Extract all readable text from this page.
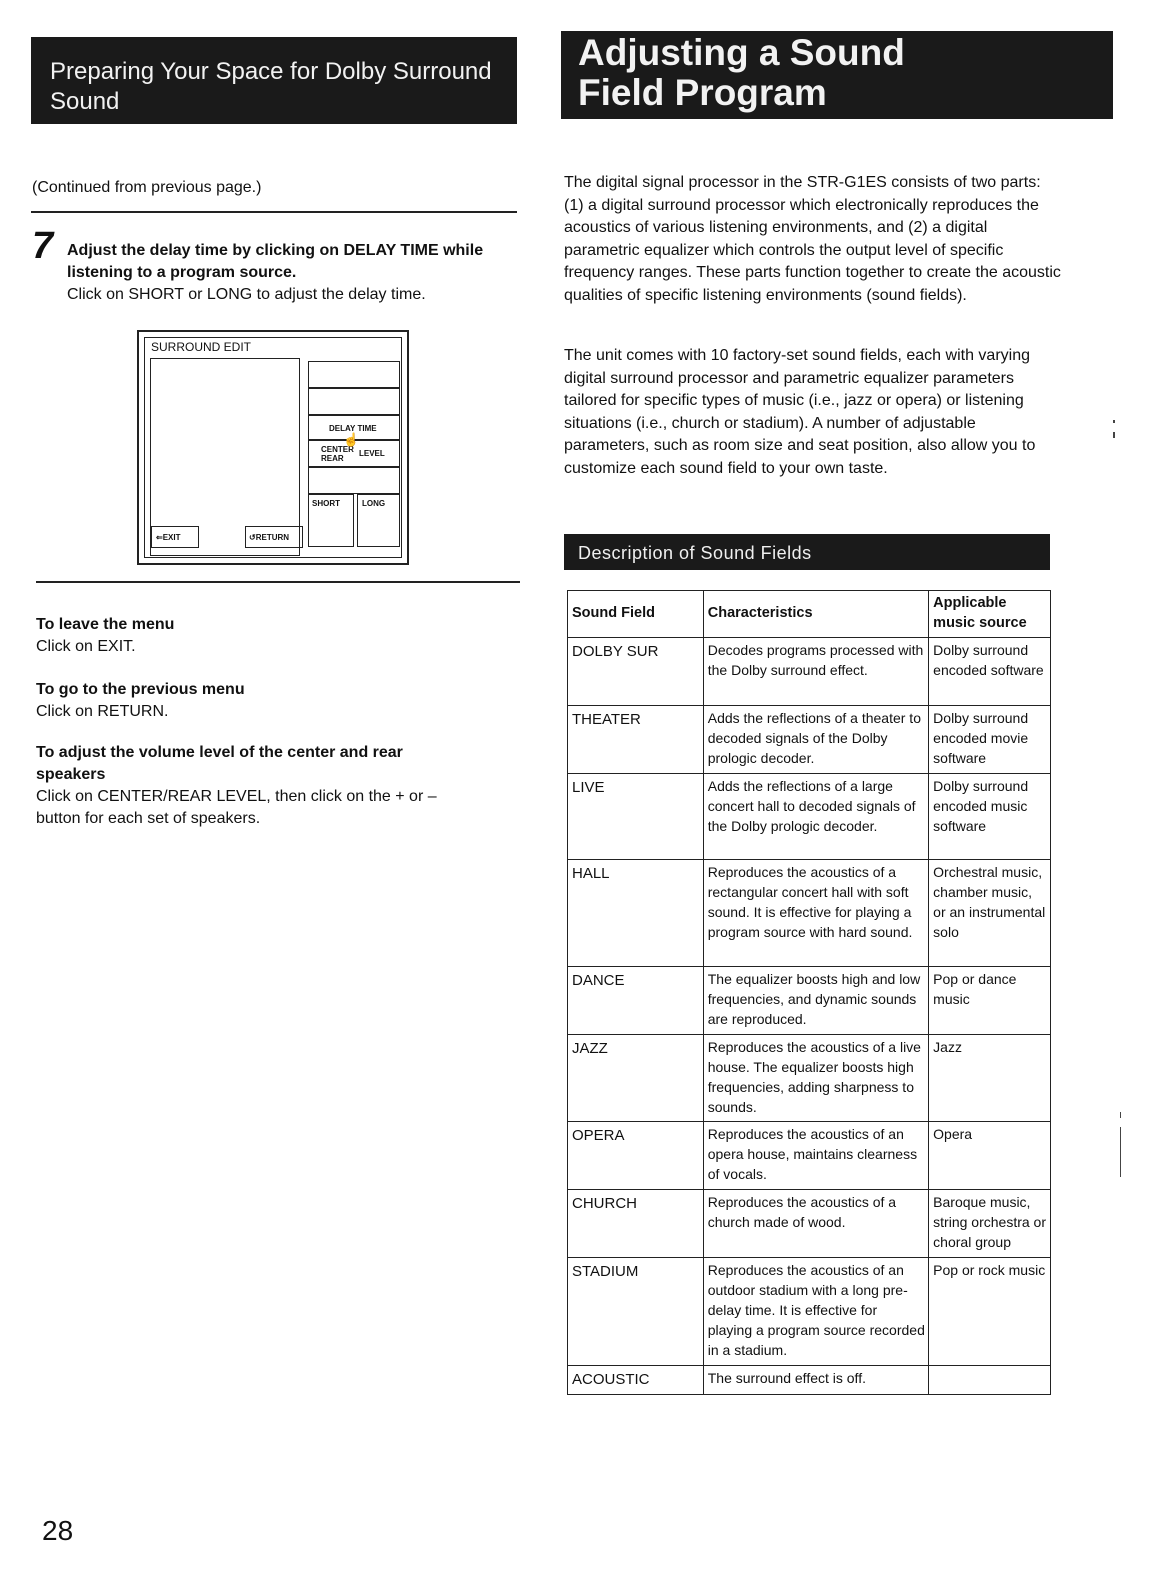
Preparing Your Space for Dolby Surround Sound
(Continued from previous page.)
7 Adjust the delay time by clicking on DELAY TIME while listening to a program source.
Click on SHORT or LONG to adjust the delay time.
SURROUND EDIT
DELAY TIME
CENTER REAR
LEVEL
☝
SHORT	LONG
⇐EXIT	↺RETURN
To leave the menu
Click on EXIT.
To go to the previous menu
Click on RETURN.
To adjust the volume level of the center and rear speakers
Click on CENTER/REAR LEVEL, then click on the + or – button for each set of speakers.
Adjusting a Sound Field Program
The digital signal processor in the STR-G1ES consists of two parts: (1) a digital surround processor which electronically reproduces the acoustics of various listening environments, and (2) a digital parametric equalizer which controls the output level of specific frequency ranges. These parts function together to create the acoustic qualities of specific listening environments (sound fields).
The unit comes with 10 factory-set sound fields, each with varying digital surround processor and parametric equalizer parameters tailored for specific types of music (i.e., jazz or opera) or listening situations (i.e., church or stadium). A number of adjustable parameters, such as room size and seat position, also allow you to customize each sound field to your own taste.
Description of Sound Fields
Sound Field	Characteristics	Applicable music source
DOLBY SUR	Decodes programs processed with the Dolby surround effect.	Dolby surround encoded software
THEATER	Adds the reflections of a theater to decoded signals of the Dolby prologic decoder.	Dolby surround encoded movie software
LIVE	Adds the reflections of a large concert hall to decoded signals of the Dolby prologic decoder.	Dolby surround encoded music software
HALL	Reproduces the acoustics of a rectangular concert hall with soft sound. It is effective for playing a program source with hard sound.	Orchestral music, chamber music, or an instrumental solo
DANCE	The equalizer boosts high and low frequencies, and dynamic sounds are reproduced.	Pop or dance music
JAZZ	Reproduces the acoustics of a live house. The equalizer boosts high frequencies, adding sharpness to sounds.	Jazz
OPERA	Reproduces the acoustics of an opera house, maintains clearness of vocals.	Opera
CHURCH	Reproduces the acoustics of a church made of wood.	Baroque music, string orchestra or choral group
STADIUM	Reproduces the acoustics of an outdoor stadium with a long pre-delay time. It is effective for playing a program source recorded in a stadium.	Pop or rock music
ACOUSTIC	The surround effect is off.	
28
